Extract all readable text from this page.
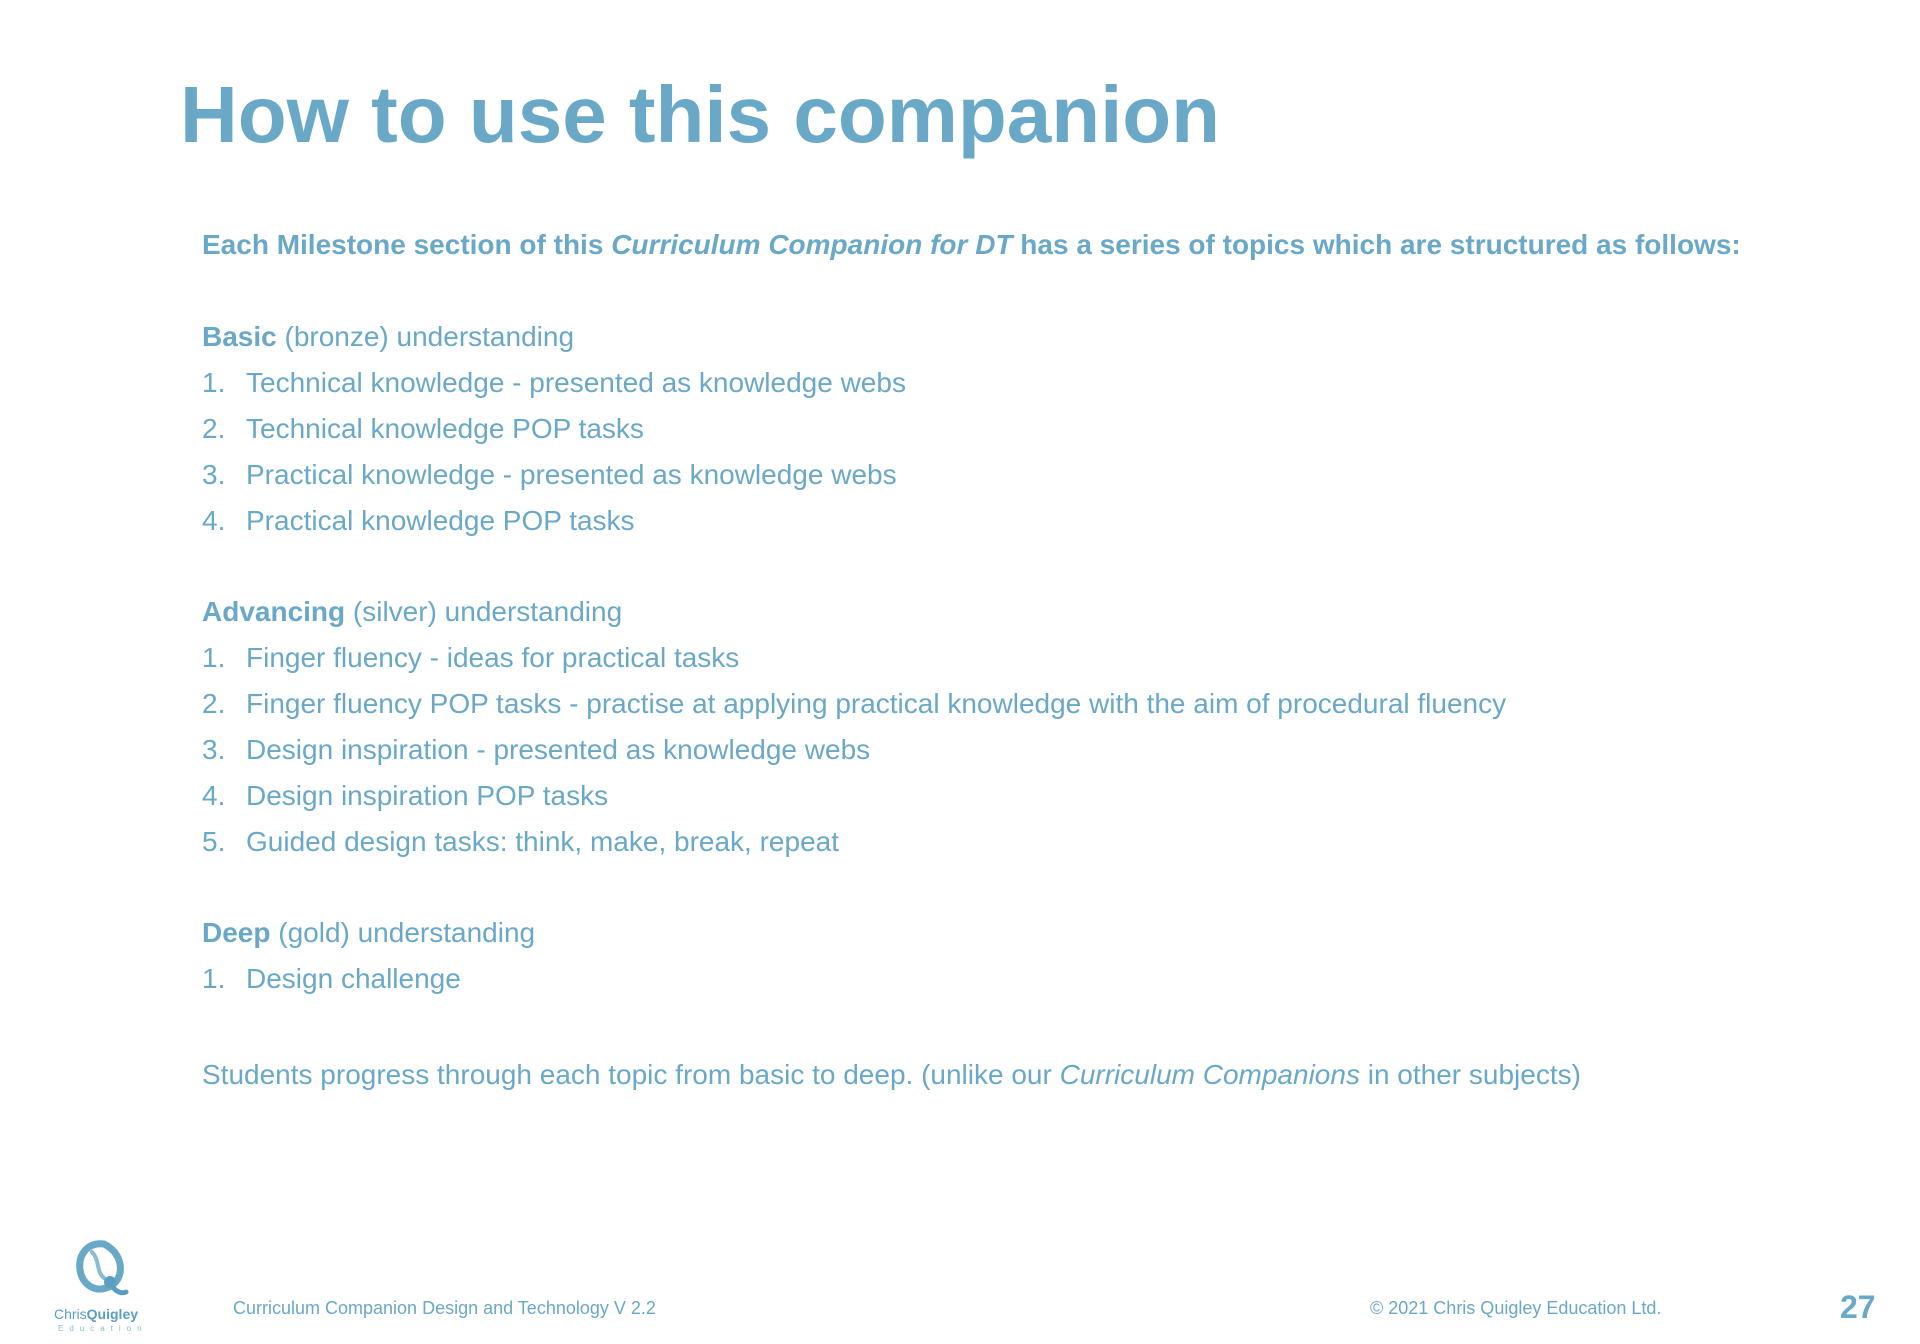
How to use this companion

Each Milestone section of this Curriculum Companion for DT has a series of topics which are structured as follows:

Basic (bronze) understanding

1. Technical knowledge - presented as knowledge webs
2. Technical knowledge POP tasks
3. Practical knowledge - presented as knowledge webs
4. Practical knowledge POP tasks

Advancing (silver) understanding

1. Finger fluency - ideas for practical tasks
2. Finger fluency POP tasks - practise at applying practical knowledge with the aim of procedural fluency
3. Design inspiration - presented as knowledge webs
4. Design inspiration POP tasks
5. Guided design tasks: think, make, break, repeat

Deep (gold) understanding

1. Design challenge

Students progress through each topic from basic to deep. (unlike our Curriculum Companions in other subjects)

ChrisQuigley
Education
Curriculum Companion Design and Technology V 2.2	© 2021 Chris Quigley Education Ltd.	27
